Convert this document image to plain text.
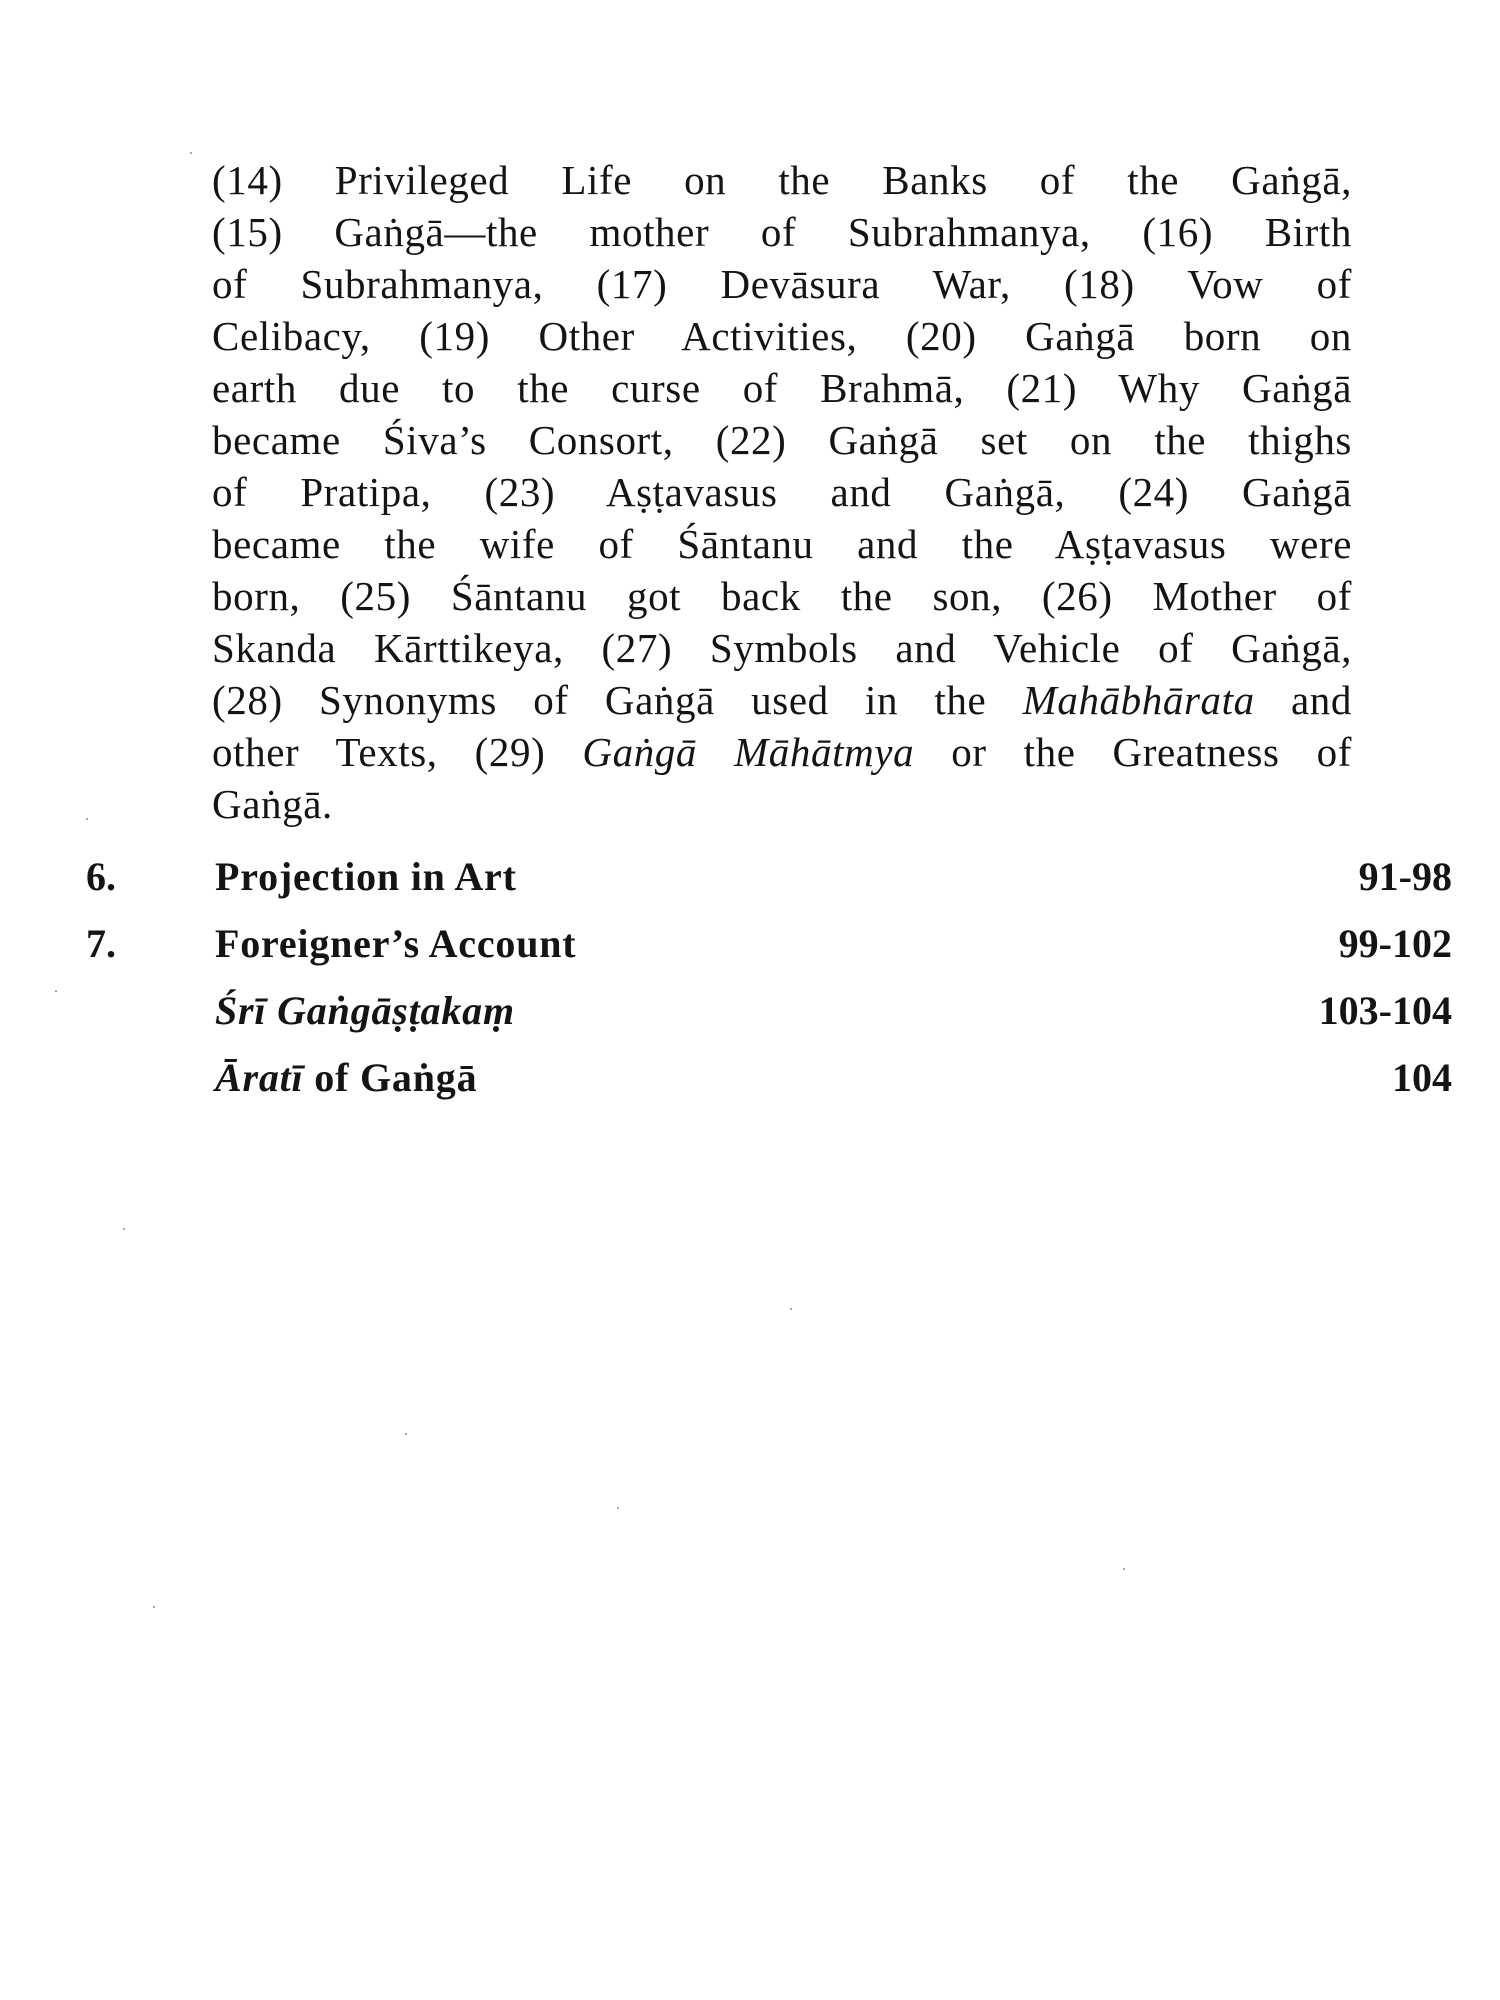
(14) Privileged Life on the Banks of the Gaṅgā,
(15) Gaṅgā—the mother of Subrahmanya, (16) Birth
of Subrahmanya, (17) Devāsura War, (18) Vow of
Celibacy, (19) Other Activities, (20) Gaṅgā born on
earth due to the curse of Brahmā, (21) Why Gaṅgā
became Śiva’s Consort, (22) Gaṅgā set on the thighs
of Pratipa, (23) Aṣṭavasus and Gaṅgā, (24) Gaṅgā
became the wife of Śāntanu and the Aṣṭavasus were
born, (25) Śāntanu got back the son, (26) Mother of
Skanda Kārttikeya, (27) Symbols and Vehicle of Gaṅgā,
(28) Synonyms of Gaṅgā used in the Mahābhārata and
other Texts, (29) Gaṅgā Māhātmya or the Greatness of
Gaṅgā.
6. Projection in Art	91-98
7. Foreigner’s Account	99-102
Śrī Gaṅgāṣṭakaṃ	103-104
Āratī of Gaṅgā	104
